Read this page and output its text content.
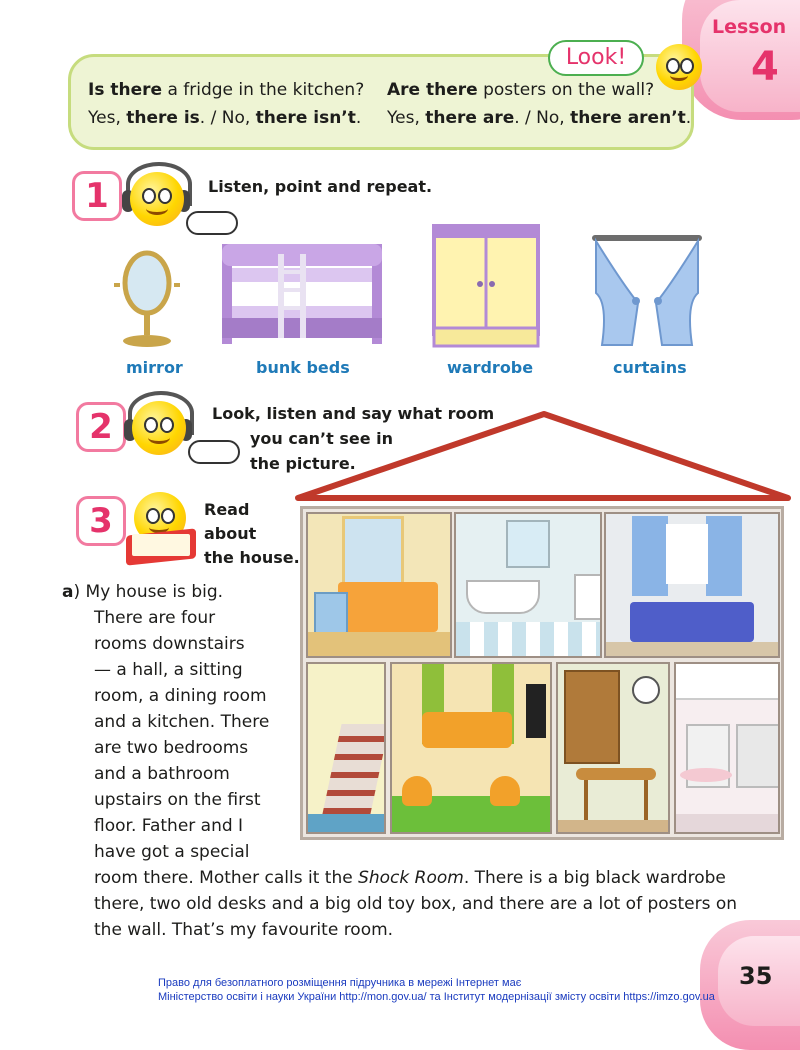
Lesson
4
Is there a fridge in the kitchen?
Yes, there is. / No, there isn’t.
Are there posters on the wall?
Yes, there are. / No, there aren’t.
Look!
1	Listen, point and repeat.
mirror	bunk beds	wardrobe	curtains
2	Look, listen and say what room
you can’t see in
the picture.
3	Read
about
the house.
a) My house is big.
There are four
rooms downstairs
— a hall, a sitting
room, a dining room
and a kitchen. There
are two bedrooms
and a bathroom
upstairs on the first
floor. Father and I
have got a special
room there. Mother calls it the Shock Room. There is a big black wardrobe
there, two old desks and a big old toy box, and there are a lot of posters on
the wall. That’s my favourite room.
35
Право для безоплатного розміщення підручника в мережі Інтернет має
Міністерство освіти і науки України http://mon.gov.ua/ та Інститут модернізації змісту освіти https://imzo.gov.ua
